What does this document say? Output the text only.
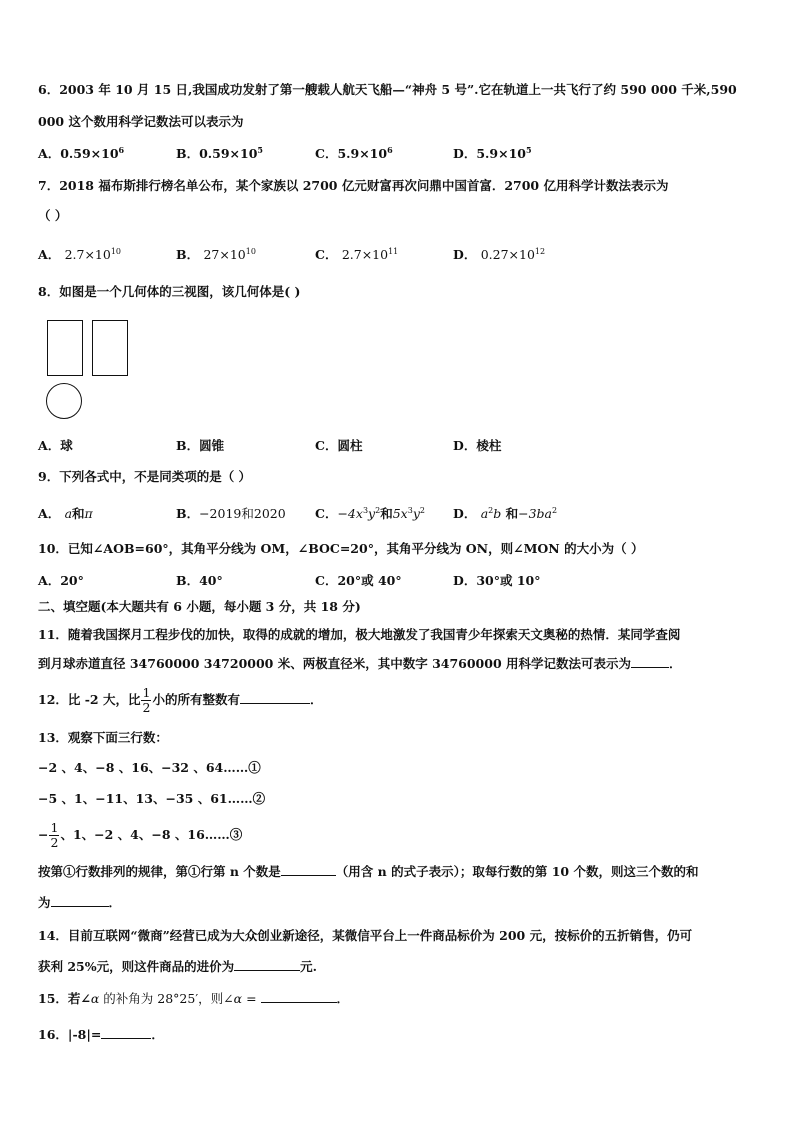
6．2003 年 10 月 15 日,我国成功发射了第一艘载人航天飞船—“神舟 5 号”.它在轨道上一共飞行了约 590 000 千米,590
000 这个数用科学记数法可以表示为
A．$0.59\times 10^6$	B．$0.59\times 10^5$	C．$5.9\times 10^6$	D．$5.9\times 10^5$
7．2018 福布斯排行榜名单公布，某个家族以 2700 亿元财富再次问鼎中国首富．2700 亿用科学计数法表示为
（ ）
A． $2.7\times 10^{10}$	B． $27\times 10^{10}$	C． $2.7\times 10^{11}$	D． $0.27\times 10^{12}$
8．如图是一个几何体的三视图，该几何体是( )
A．球	B．圆锥	C．圆柱	D．棱柱
9．下列各式中，不是同类项的是（ ）
A． a和π	B．−2019和2020 C．$-4x^3y^2$和$5x^3y^2$ D． $a^2b$ 和$-3ba^2$
10．已知∠AOB=60°，其角平分线为 OM，∠BOC=20°，其角平分线为 ON，则∠MON 的大小为（ ）
A．20°	B．40°	C．20°或 40°	D．30°或 10°
二、填空题(本大题共有 6 小题，每小题 3 分，共 18 分)
11．随着我国探月工程步伐的加快，取得的成就的增加，极大地激发了我国青少年探索天文奥秘的热情．某同学查阅
到月球赤道直径 34760000 34720000 米、两极直径米，其中数字 34760000 用科学记数法可表示为	．
12．比 -2 大，比 $\frac{1}{2}$ 小的所有整数有	．
13．观察下面三行数：
−2 、4、−8 、16、−32 、64……①
−5 、1、−11、13、−35 、61……②
− $\frac{1}{2}$ 、1、−2 、4、−8 、16……③
按第①行数排列的规律，第①行第 n 个数是	（用含 n 的式子表示）；取每行数的第 10 个数，则这三个数的和
为	．
14．目前互联网“微商”经营已成为大众创业新途径，某微信平台上一件商品标价为 200 元，按标价的五折销售，仍可
获利 25%元，则这件商品的进价为	元.
15．若∠α 的补角为 28°25′，则∠α =	．
16．|-8|=	．
